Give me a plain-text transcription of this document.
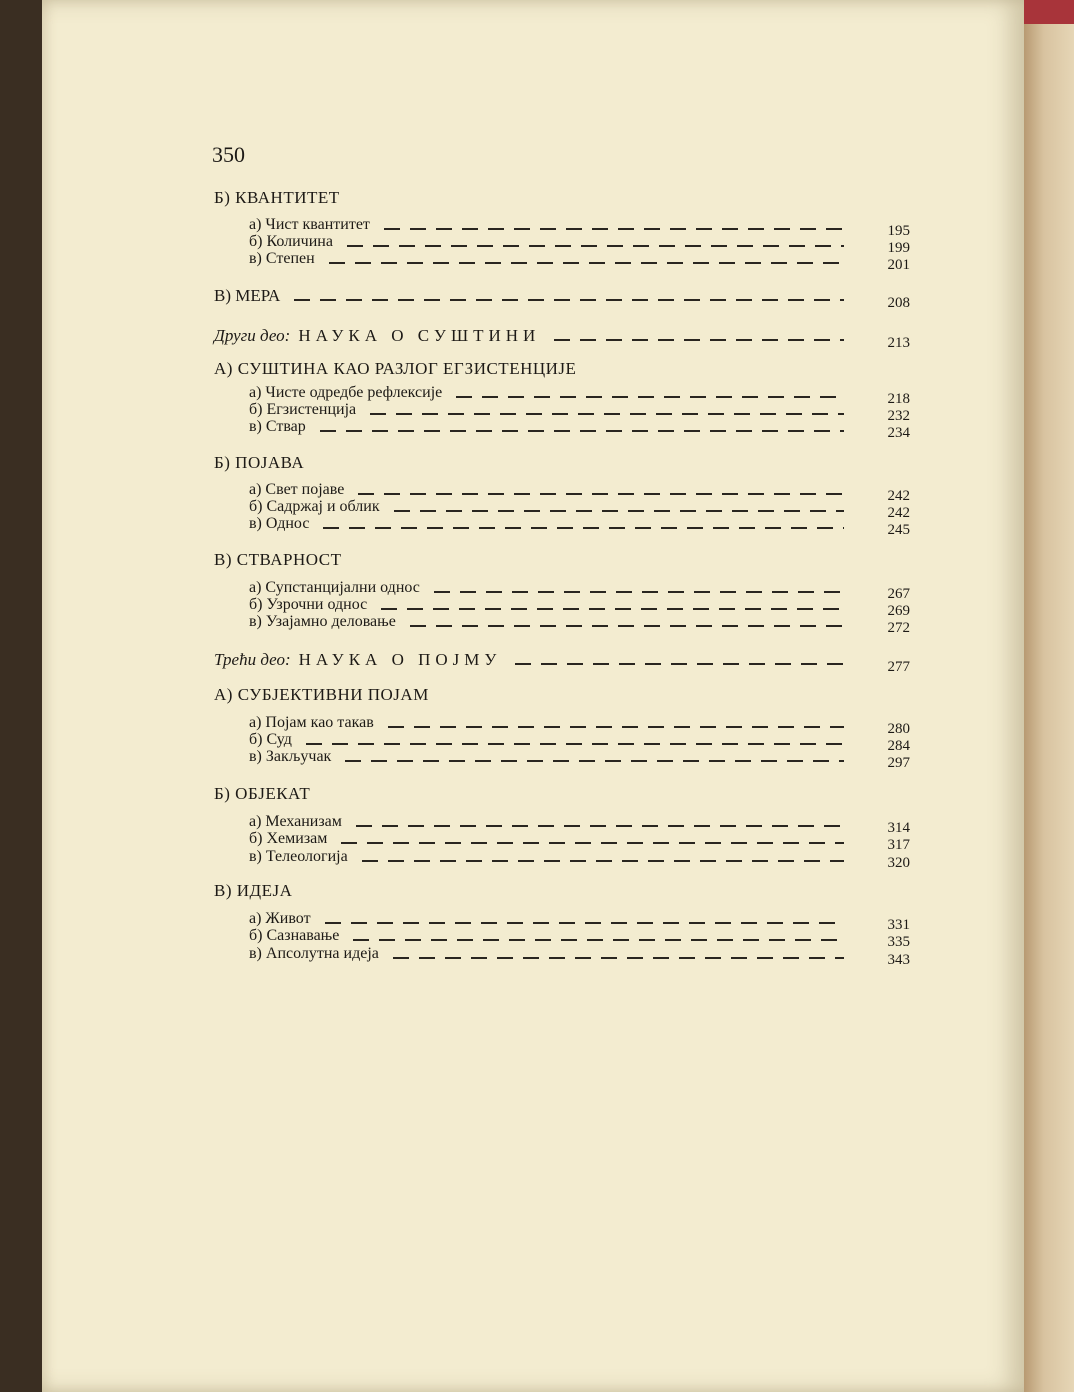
350
Б) КВАНТИТЕТ
а) Чист квантитет	195
б) Количина	199
в) Степен	201
В) МЕРА	208
Други део: НАУКА О СУШТИНИ	213
А) СУШТИНА КАО РАЗЛОГ ЕГЗИСТЕНЦИЈЕ
а) Чисте одредбе рефлексије	218
б) Егзистенција	232
в) Ствар	234
Б) ПОЈАВА
а) Свет појаве	242
б) Садржај и облик	242
в) Однос	245
В) СТВАРНОСТ
а) Супстанцијални однос	267
б) Узрочни однос	269
в) Узајамно деловање	272
Трећи део: НАУКА О ПОЈМУ	277
А) СУБЈЕКТИВНИ ПОЈАМ
а) Појам као такав	280
б) Суд	284
в) Закључак	297
Б) ОБЈЕКАТ
а) Механизам	314
б) Хемизам	317
в) Телеологија	320
В) ИДЕЈА
а) Живот	331
б) Сазнавање	335
в) Апсолутна идеја	343
